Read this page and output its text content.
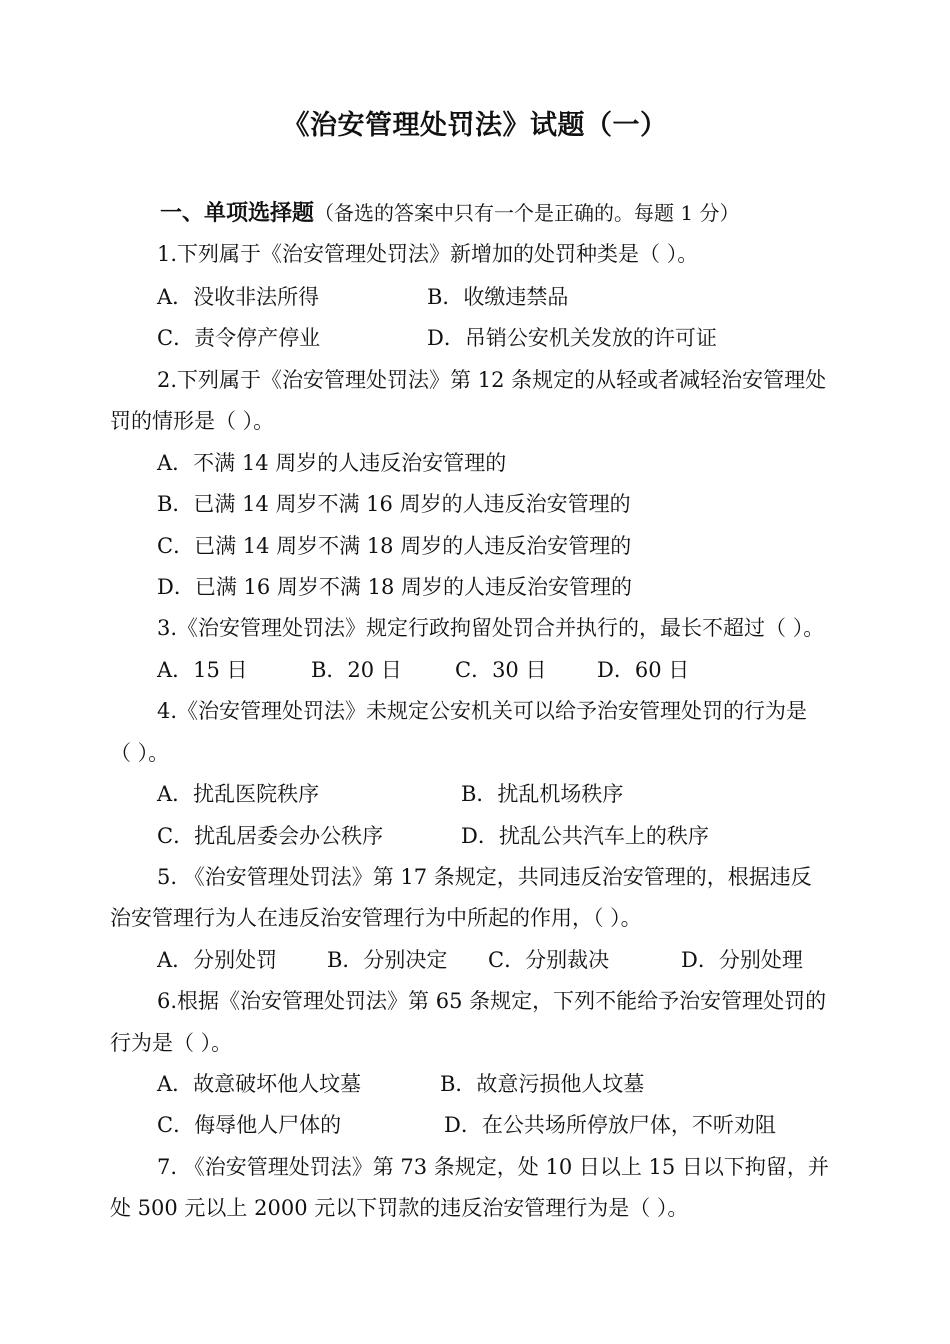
《治安管理处罚法》试题（一）
一、单项选择题（备选的答案中只有一个是正确的。每题 1 分）
1.下列属于《治安管理处罚法》新增加的处罚种类是（ ）。
A．没收非法所得	B．收缴违禁品
C．责令停产停业	D．吊销公安机关发放的许可证
2.下列属于《治安管理处罚法》第 12 条规定的从轻或者减轻治安管理处
罚的情形是（ ）。
A．不满 14 周岁的人违反治安管理的
B．已满 14 周岁不满 16 周岁的人违反治安管理的
C．已满 14 周岁不满 18 周岁的人违反治安管理的
D．已满 16 周岁不满 18 周岁的人违反治安管理的
3.《治安管理处罚法》规定行政拘留处罚合并执行的，最长不超过（ ）。
A．15 日	B．20 日	C．30 日 D．60 日
4.《治安管理处罚法》未规定公安机关可以给予治安管理处罚的行为是
（ ）。
A．扰乱医院秩序	B．扰乱机场秩序
C．扰乱居委会办公秩序	D．扰乱公共汽车上的秩序
5. 《治安管理处罚法》第 17 条规定，共同违反治安管理的，根据违反
治安管理行为人在违反治安管理行为中所起的作用，（ ）。
A．分别处罚 B．分别决定 C．分别裁决	D．分别处理
6.根据《治安管理处罚法》第 65 条规定，下列不能给予治安管理处罚的
行为是（ ）。
A．故意破坏他人坟墓	B．故意污损他人坟墓
C．侮辱他人尸体的	D．在公共场所停放尸体，不听劝阻
7. 《治安管理处罚法》第 73 条规定，处 10 日以上 15 日以下拘留，并
处 500 元以上 2000 元以下罚款的违反治安管理行为是（ ）。
